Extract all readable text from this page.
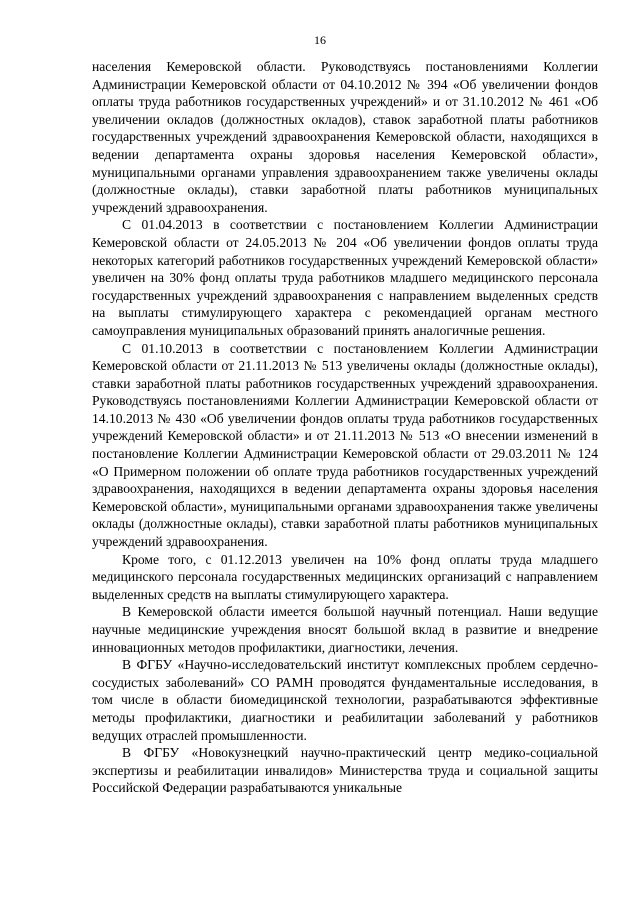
16

населения Кемеровской области. Руководствуясь постановлениями Коллегии Администрации Кемеровской области от 04.10.2012 № 394 «Об увеличении фондов оплаты труда работников государственных учреждений» и от 31.10.2012 № 461 «Об увеличении окладов (должностных окладов), ставок заработной платы работников государственных учреждений здравоохранения Кемеровской области, находящихся в ведении департамента охраны здоровья населения Кемеровской области», муниципальными органами управления здравоохранением также увеличены оклады (должностные оклады), ставки заработной платы работников муниципальных учреждений здравоохранения.

С 01.04.2013 в соответствии с постановлением Коллегии Администрации Кемеровской области от 24.05.2013 № 204 «Об увеличении фондов оплаты труда некоторых категорий работников государственных учреждений Кемеровской области» увеличен на 30% фонд оплаты труда работников младшего медицинского персонала государственных учреждений здравоохранения с направлением выделенных средств на выплаты стимулирующего характера с рекомендацией органам местного самоуправления муниципальных образований принять аналогичные решения.

С 01.10.2013 в соответствии с постановлением Коллегии Администрации Кемеровской области от 21.11.2013 № 513 увеличены оклады (должностные оклады), ставки заработной платы работников государственных учреждений здравоохранения. Руководствуясь постановлениями Коллегии Администрации Кемеровской области от 14.10.2013 № 430 «Об увеличении фондов оплаты труда работников государственных учреждений Кемеровской области» и от 21.11.2013 № 513 «О внесении изменений в постановление Коллегии Администрации Кемеровской области от 29.03.2011 № 124 «О Примерном положении об оплате труда работников государственных учреждений здравоохранения, находящихся в ведении департамента охраны здоровья населения Кемеровской области», муниципальными органами здравоохранения также увеличены оклады (должностные оклады), ставки заработной платы работников муниципальных учреждений здравоохранения.

Кроме того, с 01.12.2013 увеличен на 10% фонд оплаты труда младшего медицинского персонала государственных медицинских организаций с направлением выделенных средств на выплаты стимулирующего характера.

В Кемеровской области имеется большой научный потенциал. Наши ведущие научные медицинские учреждения вносят большой вклад в развитие и внедрение инновационных методов профилактики, диагностики, лечения.

В ФГБУ «Научно-исследовательский институт комплексных проблем сердечно-сосудистых заболеваний» СО РАМН проводятся фундаментальные исследования, в том числе в области биомедицинской технологии, разрабатываются эффективные методы профилактики, диагностики и реабилитации заболеваний у работников ведущих отраслей промышленности.

В ФГБУ «Новокузнецкий научно-практический центр медико-социальной экспертизы и реабилитации инвалидов» Министерства труда и социальной защиты Российской Федерации разрабатываются уникальные
